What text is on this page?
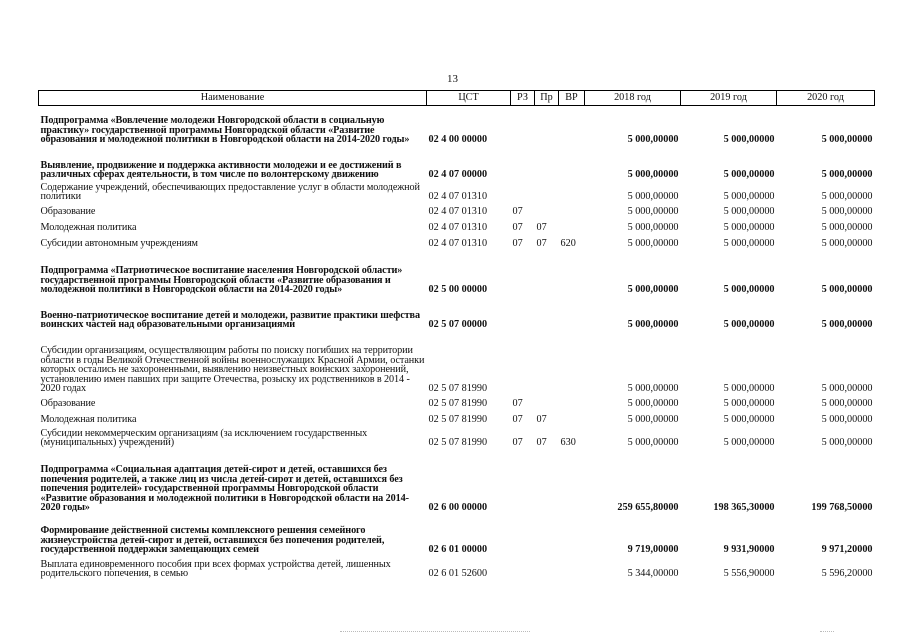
13
Наименование	ЦСТ	РЗ	Пр	ВР	2018 год	2019 год	2020 год
Подпрограмма «Вовлечение молодежи Новгородской области в социальную практику» государственной программы Новгородской области «Развитие образования и молодежной политики в Новгородской области на 2014-2020 годы»	02 4 00 00000				5 000,00000	5 000,00000	5 000,00000
Выявление, продвижение и поддержка активности молодежи и ее достижений в различных сферах деятельности, в том числе по волонтерскому движению	02 4 07 00000				5 000,00000	5 000,00000	5 000,00000
Содержание учреждений, обеспечивающих предоставление услуг в области молодежной политики	02 4 07 01310				5 000,00000	5 000,00000	5 000,00000
Образование	02 4 07 01310	07			5 000,00000	5 000,00000	5 000,00000
Молодежная политика	02 4 07 01310	07	07		5 000,00000	5 000,00000	5 000,00000
Субсидии автономным учреждениям	02 4 07 01310	07	07	620	5 000,00000	5 000,00000	5 000,00000
Подпрограмма «Патриотическое воспитание населения Новгородской области» государственной программы Новгородской области «Развитие образования и молодежной политики в Новгородской области на 2014-2020 годы»	02 5 00 00000				5 000,00000	5 000,00000	5 000,00000
Военно-патриотическое воспитание детей и молодежи, развитие практики шефства воинских частей над образовательными организациями	02 5 07 00000				5 000,00000	5 000,00000	5 000,00000
Субсидии организациям, осуществляющим работы по поиску погибших на территории области в годы Великой Отечественной войны военнослужащих Красной Армии, останки которых остались не захороненными, выявлению неизвестных воинских захоронений, установлению имен павших при защите Отечества, розыску их родственников в 2014 - 2020 годах	02 5 07 81990				5 000,00000	5 000,00000	5 000,00000
Образование	02 5 07 81990	07			5 000,00000	5 000,00000	5 000,00000
Молодежная политика	02 5 07 81990	07	07		5 000,00000	5 000,00000	5 000,00000
Субсидии некоммерческим организациям (за исключением государственных (муниципальных) учреждений)	02 5 07 81990	07	07	630	5 000,00000	5 000,00000	5 000,00000
Подпрограмма «Социальная адаптация детей-сирот и детей, оставшихся без попечения родителей, а также лиц из числа детей-сирот и детей, оставшихся без попечения родителей» государственной программы Новгородской области «Развитие образования и молодежной политики в Новгородской области на 2014-2020 годы»	02 6 00 00000				259 655,80000	198 365,30000	199 768,50000
Формирование действенной системы комплексного решения семейного жизнеустройства детей-сирот и детей, оставшихся без попечения родителей, государственной поддержки замещающих семей	02 6 01 00000				9 719,00000	9 931,90000	9 971,20000
Выплата единовременного пособия при всех формах устройства детей, лишенных родительского попечения, в семью	02 6 01 52600				5 344,00000	5 556,90000	5 596,20000
